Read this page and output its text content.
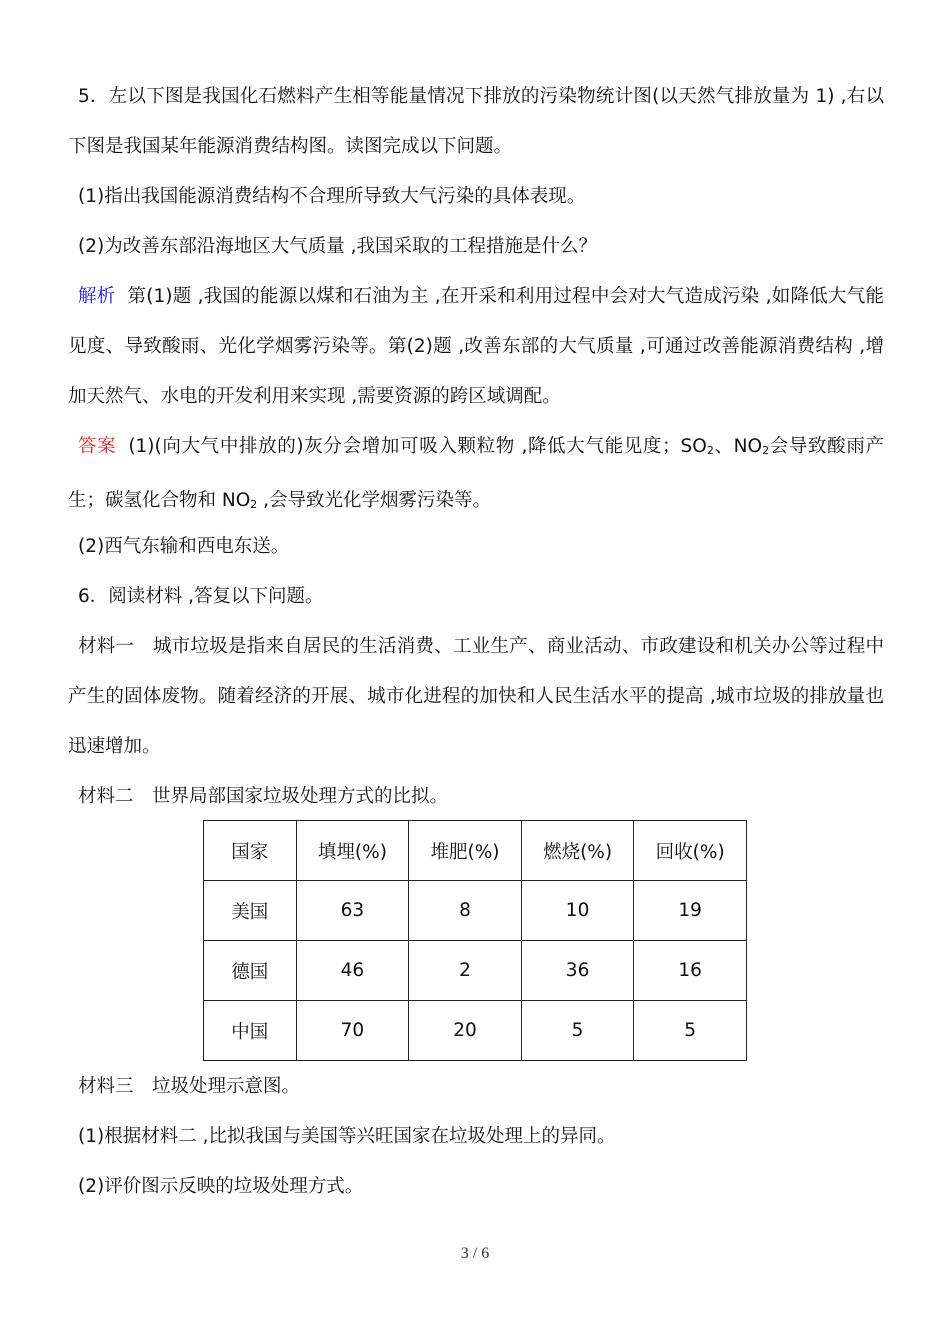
5．左以下图是我国化石燃料产生相等能量情况下排放的污染物统计图(以天然气排放量为 1) ,右以下图是我国某年能源消费结构图。读图完成以下问题。

(1)指出我国能源消费结构不合理所导致大气污染的具体表现。

(2)为改善东部沿海地区大气质量 ,我国采取的工程措施是什么？

解析 第(1)题 ,我国的能源以煤和石油为主 ,在开采和利用过程中会对大气造成污染 ,如降低大气能见度、导致酸雨、光化学烟雾污染等。第(2)题 ,改善东部的大气质量 ,可通过改善能源消费结构 ,增加天然气、水电的开发利用来实现 ,需要资源的跨区域调配。

答案 (1)(向大气中排放的)灰分会增加可吸入颗粒物 ,降低大气能见度；$SO_2$、$NO_2$会导致酸雨产生；碳氢化合物和 $NO_2$ ,会导致光化学烟雾污染等。

(2)西气东输和西电东送。

6．阅读材料 ,答复以下问题。

材料一　城市垃圾是指来自居民的生活消费、工业生产、商业活动、市政建设和机关办公等过程中产生的固体废物。随着经济的开展、城市化进程的加快和人民生活水平的提高 ,城市垃圾的排放量也迅速增加。

材料二　世界局部国家垃圾处理方式的比拟。

国家	填埋(%)	堆肥(%)	燃烧(%)	回收(%)
美国	63	8	10	19
德国	46	2	36	16
中国	70	20	5	5

材料三　垃圾处理示意图。

(1)根据材料二 ,比拟我国与美国等兴旺国家在垃圾处理上的异同。

(2)评价图示反映的垃圾处理方式。

3 / 6
